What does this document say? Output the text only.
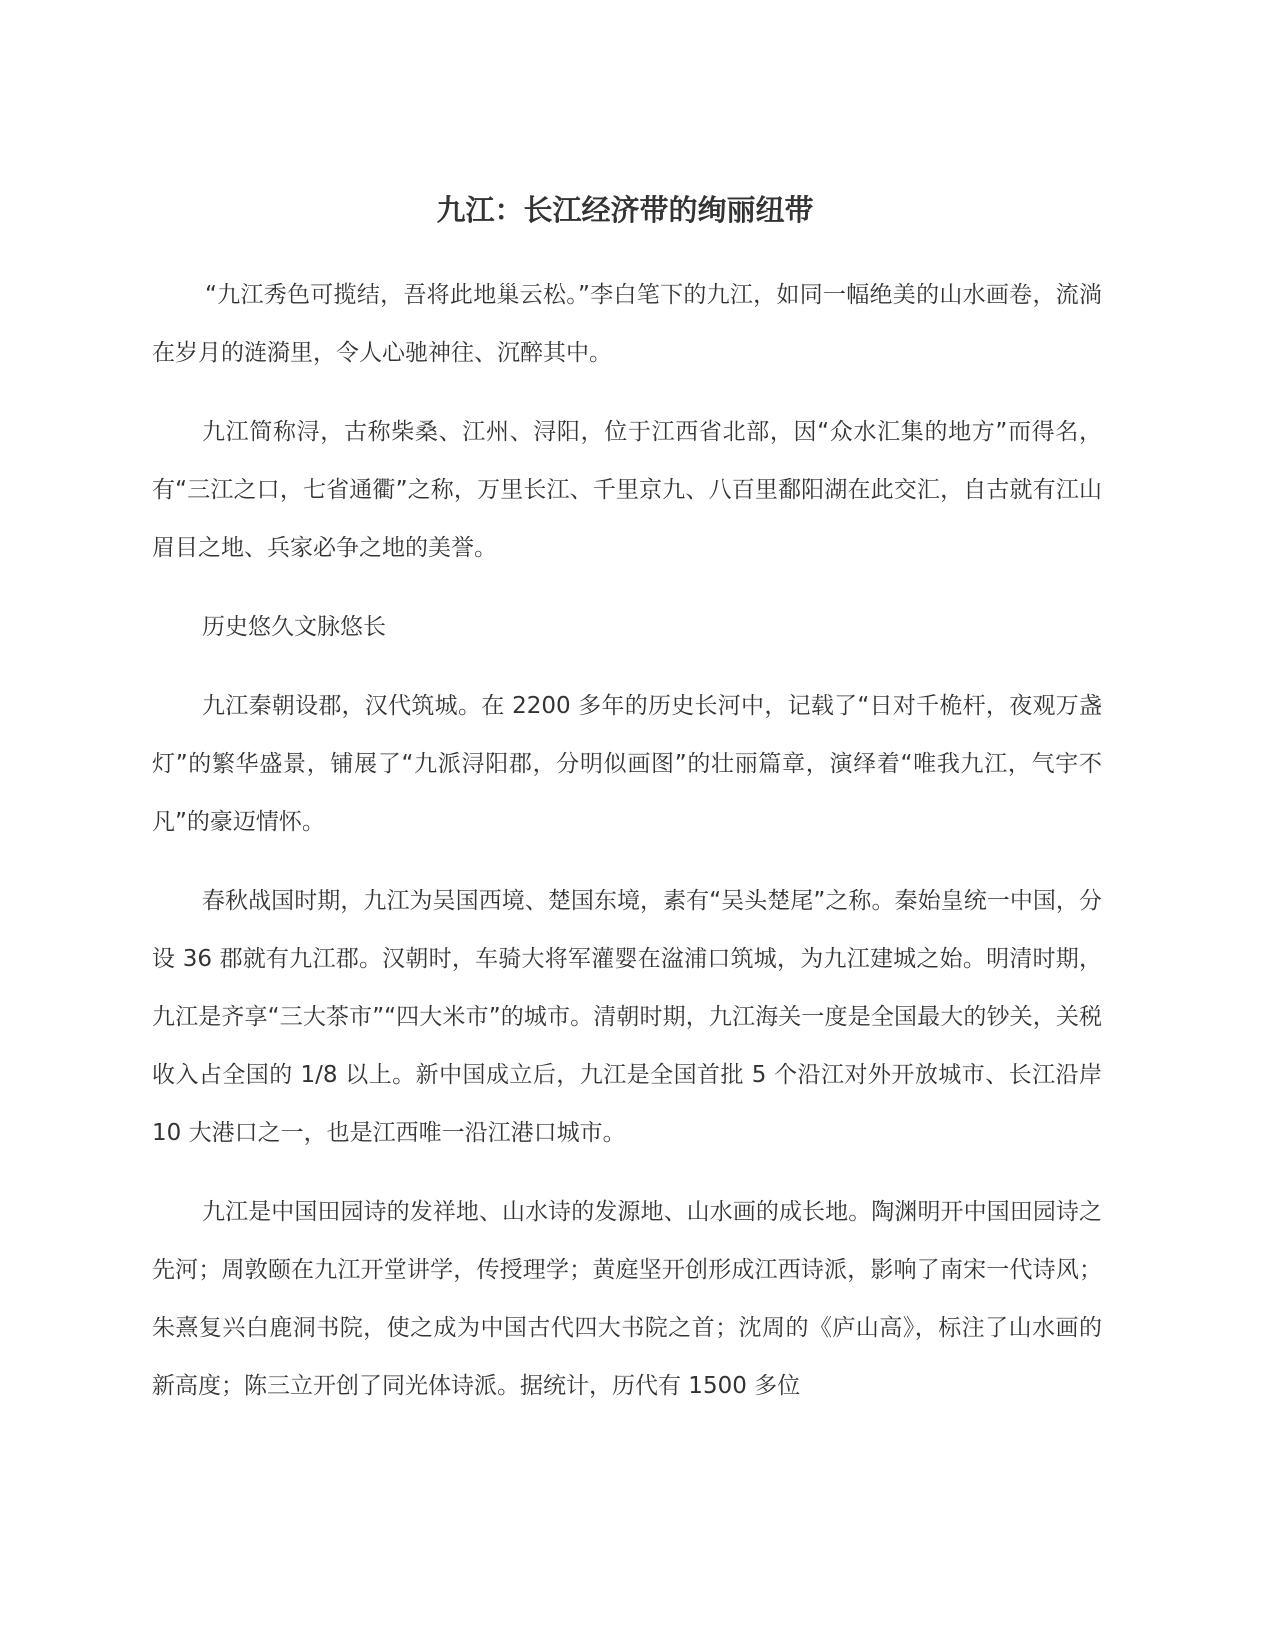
九江：长江经济带的绚丽纽带

“九江秀色可揽结，吾将此地巢云松。”李白笔下的九江，如同一幅绝美的山水画卷，流淌在岁月的涟漪里，令人心驰神往、沉醉其中。

九江简称浔，古称柴桑、江州、浔阳，位于江西省北部，因“众水汇集的地方”而得名，有“三江之口，七省通衢”之称，万里长江、千里京九、八百里鄱阳湖在此交汇，自古就有江山眉目之地、兵家必争之地的美誉。

历史悠久文脉悠长

九江秦朝设郡，汉代筑城。在 2200 多年的历史长河中，记载了“日对千桅杆，夜观万盏灯”的繁华盛景，铺展了“九派浔阳郡，分明似画图”的壮丽篇章，演绎着“唯我九江，气宇不凡”的豪迈情怀。

春秋战国时期，九江为吴国西境、楚国东境，素有“吴头楚尾”之称。秦始皇统一中国，分设 36 郡就有九江郡。汉朝时，车骑大将军灌婴在湓浦口筑城，为九江建城之始。明清时期，九江是齐享“三大茶市”“四大米市”的城市。清朝时期，九江海关一度是全国最大的钞关，关税收入占全国的 1/8 以上。新中国成立后，九江是全国首批 5 个沿江对外开放城市、长江沿岸 10 大港口之一，也是江西唯一沿江港口城市。

九江是中国田园诗的发祥地、山水诗的发源地、山水画的成长地。陶渊明开中国田园诗之先河；周敦颐在九江开堂讲学，传授理学；黄庭坚开创形成江西诗派，影响了南宋一代诗风；朱熹复兴白鹿洞书院，使之成为中国古代四大书院之首；沈周的《庐山高》，标注了山水画的新高度；陈三立开创了同光体诗派。据统计，历代有 1500 多位
